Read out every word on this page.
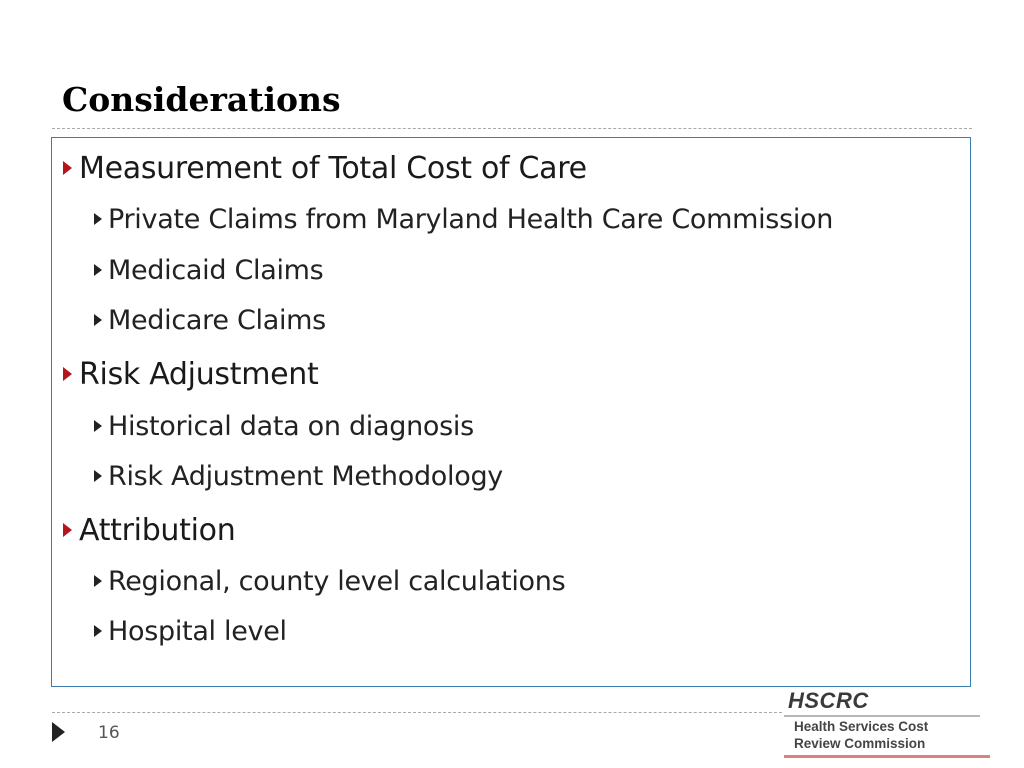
Considerations
Measurement of Total Cost of Care
Private Claims from Maryland Health Care Commission
Medicaid Claims
Medicare Claims
Risk Adjustment
Historical data on diagnosis
Risk Adjustment Methodology
Attribution
Regional, county level calculations
Hospital level
16
HSCRC
Health Services Cost
Review Commission
